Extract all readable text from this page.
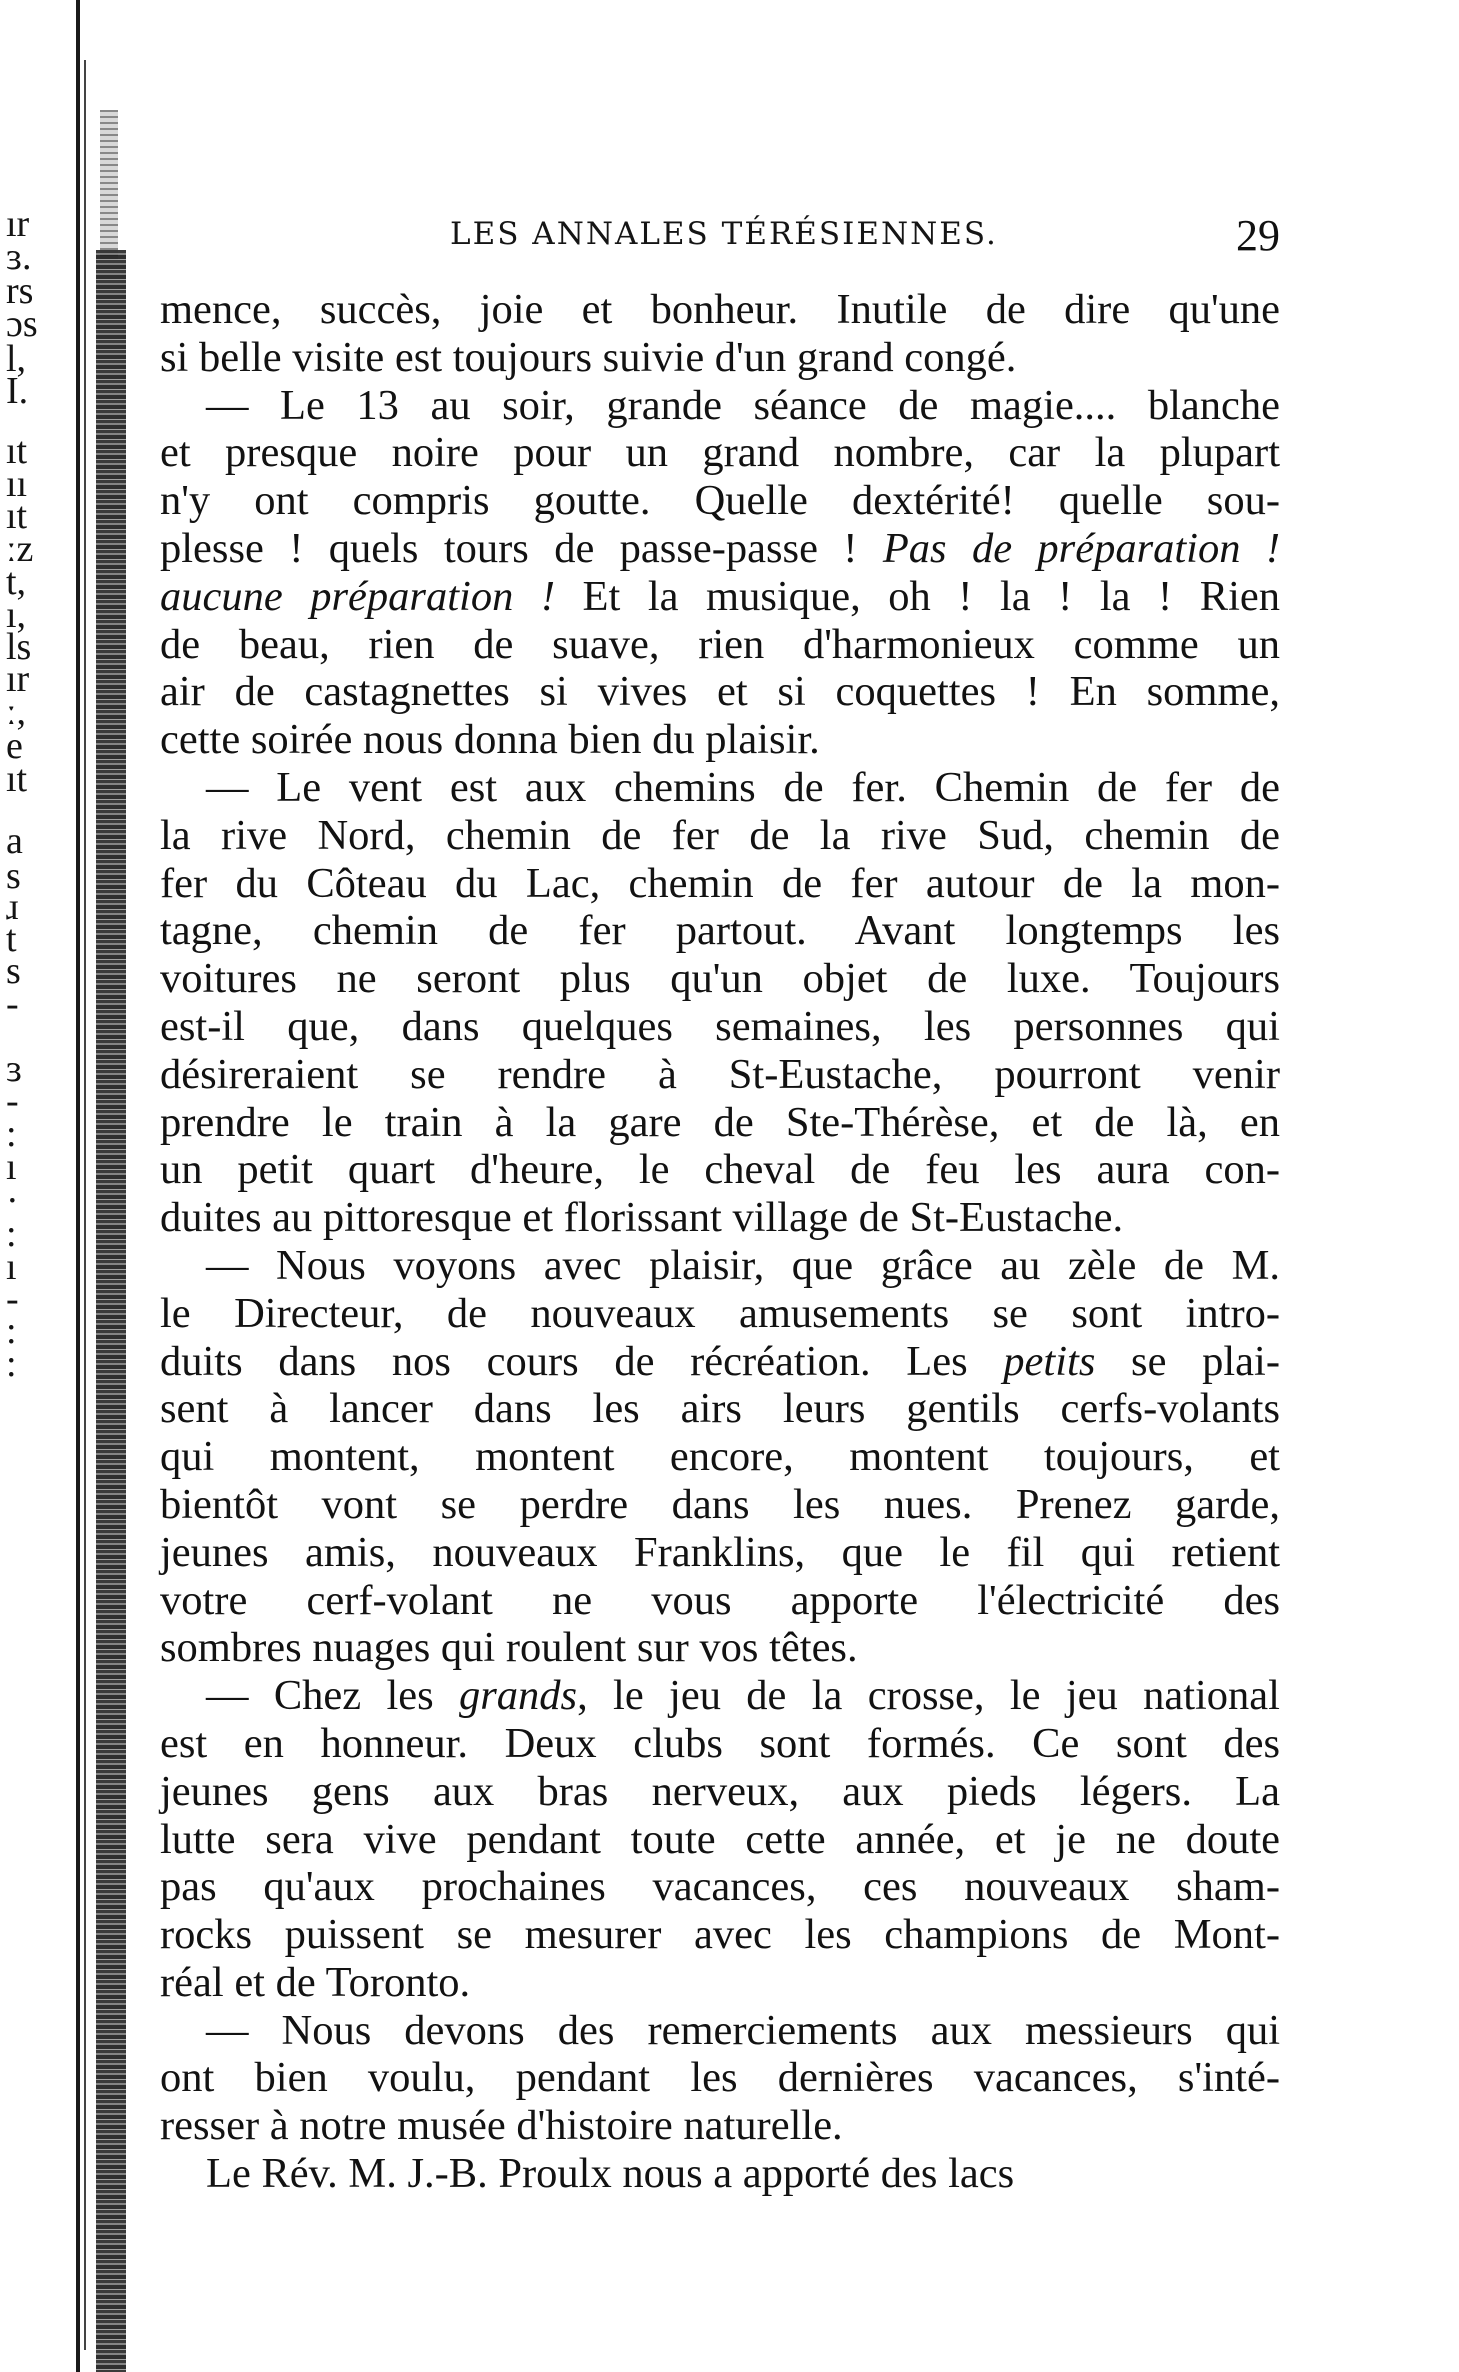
ır
ɜ.
rs
ɔs
l,
I.
ıt
ıı
ıt
ːz
t,
ı,
ls
ır
ː,
e
ıt
a
s
ɹ
t
s
-
ɜ
-
:
ı
·
:
ı
-
:
:
LES ANNALES TÉRÉSIENNES.	29
mence, succès, joie et bonheur. Inutile de dire qu'une
si belle visite est toujours suivie d'un grand congé.
— Le 13 au soir, grande séance de magie.... blanche
et presque noire pour un grand nombre, car la plupart
n'y ont compris goutte. Quelle dextérité! quelle sou-
plesse ! quels tours de passe-passe ! Pas de préparation !
aucune préparation ! Et la musique, oh ! la ! la ! Rien
de beau, rien de suave, rien d'harmonieux comme un
air de castagnettes si vives et si coquettes ! En somme,
cette soirée nous donna bien du plaisir.
— Le vent est aux chemins de fer. Chemin de fer de
la rive Nord, chemin de fer de la rive Sud, chemin de
fer du Côteau du Lac, chemin de fer autour de la mon-
tagne, chemin de fer partout. Avant longtemps les
voitures ne seront plus qu'un objet de luxe. Toujours
est-il que, dans quelques semaines, les personnes qui
désireraient se rendre à St-Eustache, pourront venir
prendre le train à la gare de Ste-Thérèse, et de là, en
un petit quart d'heure, le cheval de feu les aura con-
duites au pittoresque et florissant village de St-Eustache.
— Nous voyons avec plaisir, que grâce au zèle de M.
le Directeur, de nouveaux amusements se sont intro-
duits dans nos cours de récréation. Les petits se plai-
sent à lancer dans les airs leurs gentils cerfs-volants
qui montent, montent encore, montent toujours, et
bientôt vont se perdre dans les nues. Prenez garde,
jeunes amis, nouveaux Franklins, que le fil qui retient
votre cerf-volant ne vous apporte l'électricité des
sombres nuages qui roulent sur vos têtes.
— Chez les grands, le jeu de la crosse, le jeu national
est en honneur. Deux clubs sont formés. Ce sont des
jeunes gens aux bras nerveux, aux pieds légers. La
lutte sera vive pendant toute cette année, et je ne doute
pas qu'aux prochaines vacances, ces nouveaux sham-
rocks puissent se mesurer avec les champions de Mont-
réal et de Toronto.
— Nous devons des remerciements aux messieurs qui
ont bien voulu, pendant les dernières vacances, s'inté-
resser à notre musée d'histoire naturelle.
Le Rév. M. J.-B. Proulx nous a apporté des lacs
